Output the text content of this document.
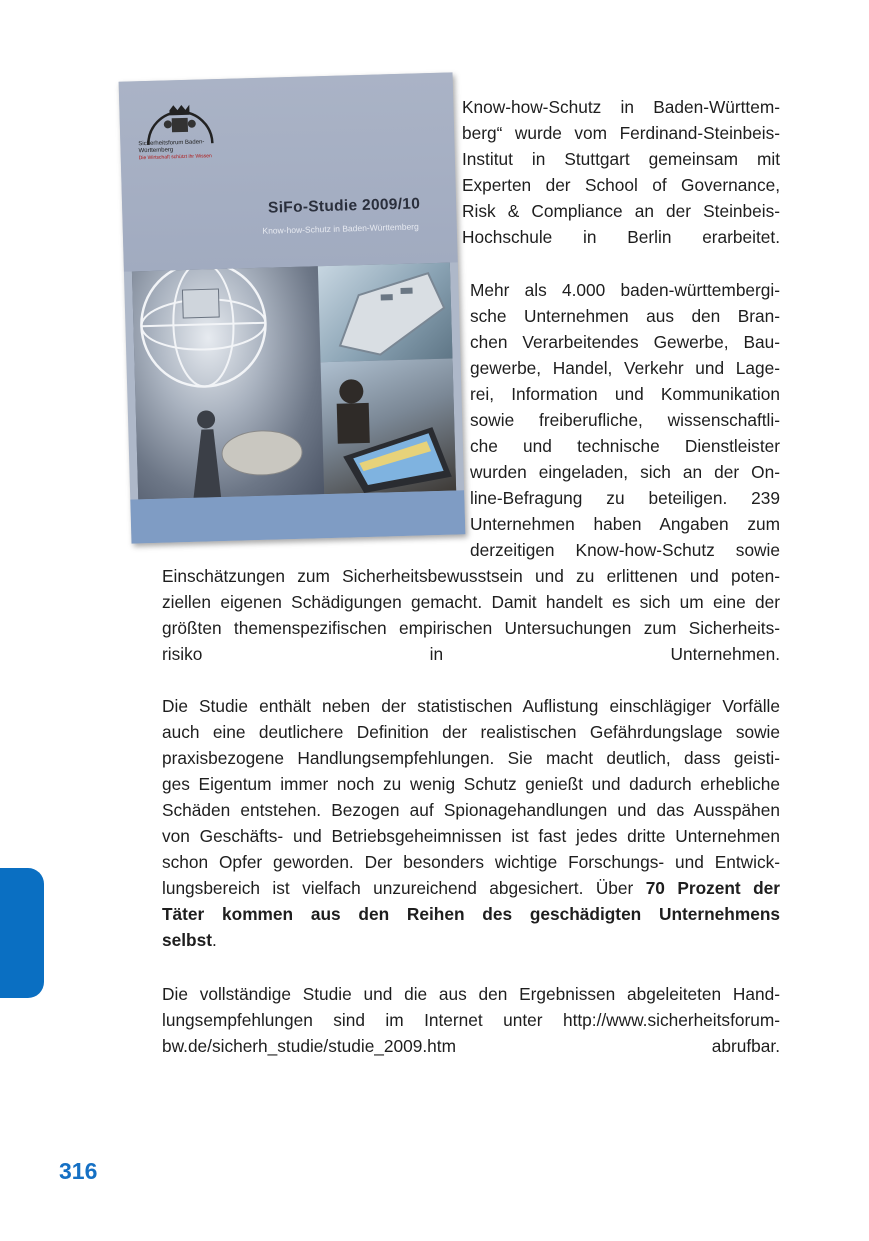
Sicherheitsforum Baden-Württemberg
Die Wirtschaft schützt ihr Wissen
SiFo-Studie 2009/10
Know-how-Schutz in Baden-Württemberg
Know-how-Schutz in Baden-Württem-
berg“ wurde vom Ferdinand-Steinbeis-
Institut in Stuttgart gemeinsam mit
Experten der School of Governance,
Risk & Compliance an der Steinbeis-
Hochschule in Berlin erarbeitet.
Mehr als 4.000 baden-württembergi-
sche Unternehmen aus den Bran-
chen Verarbeitendes Gewerbe, Bau-
gewerbe, Handel, Verkehr und Lage-
rei, Information und Kommunikation
sowie freiberufliche, wissenschaftli-
che und technische Dienstleister
wurden eingeladen, sich an der On-
line-Befragung zu beteiligen. 239
Unternehmen haben Angaben zum
derzeitigen Know-how-Schutz sowie
Einschätzungen zum Sicherheitsbewusstsein und zu erlittenen und poten-
ziellen eigenen Schädigungen gemacht. Damit handelt es sich um eine der
größten themenspezifischen empirischen Untersuchungen zum Sicherheits-
risiko in Unternehmen.
Die Studie enthält neben der statistischen Auflistung einschlägiger Vorfälle
auch eine deutlichere Definition der realistischen Gefährdungslage sowie
praxisbezogene Handlungsempfehlungen. Sie macht deutlich, dass geisti-
ges Eigentum immer noch zu wenig Schutz genießt und dadurch erhebliche
Schäden entstehen. Bezogen auf Spionagehandlungen und das Ausspähen
von Geschäfts- und Betriebsgeheimnissen ist fast jedes dritte Unternehmen
schon Opfer geworden. Der besonders wichtige Forschungs- und Entwick-
lungsbereich ist vielfach unzureichend abgesichert. Über 70 Prozent der
Täter kommen aus den Reihen des geschädigten Unternehmens
selbst.
Die vollständige Studie und die aus den Ergebnissen abgeleiteten Hand-
lungsempfehlungen sind im Internet unter http://www.sicherheitsforum-
bw.de/sicherh_studie/studie_2009.htm abrufbar.
316
